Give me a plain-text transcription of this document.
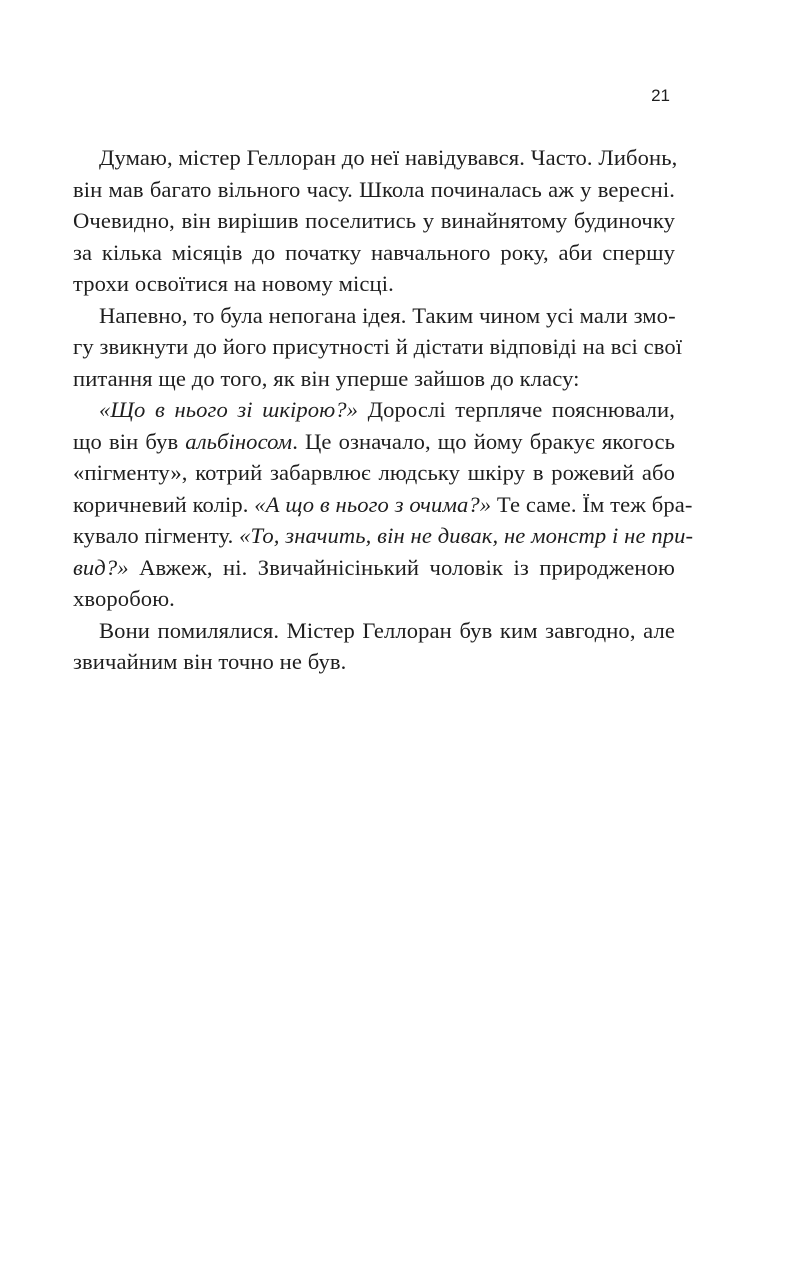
21

Думаю, містер Геллоран до неї навідувався. Часто. Либонь,
він мав багато вільного часу. Школа починалась аж у вересні.
Очевидно, він вирішив поселитись у винайнятому будиночку
за кілька місяців до початку навчального року, аби спершу
трохи освоїтися на новому місці.

Напевно, то була непогана ідея. Таким чином усі мали змо-
гу звикнути до його присутності й дістати відповіді на всі свої
питання ще до того, як він уперше зайшов до класу:

«Що в нього зі шкірою?» Дорослі терпляче пояснювали,
що він був альбіносом. Це означало, що йому бракує якогось
«пігменту», котрий забарвлює людську шкіру в рожевий або
коричневий колір. «А що в нього з очима?» Те саме. Їм теж бра-
кувало пігменту. «То, значить, він не дивак, не монстр і не при-
вид?» Авжеж, ні. Звичайнісінький чоловік із природженою
хворобою.

Вони помилялися. Містер Геллоран був ким завгодно, але
звичайним він точно не був.
